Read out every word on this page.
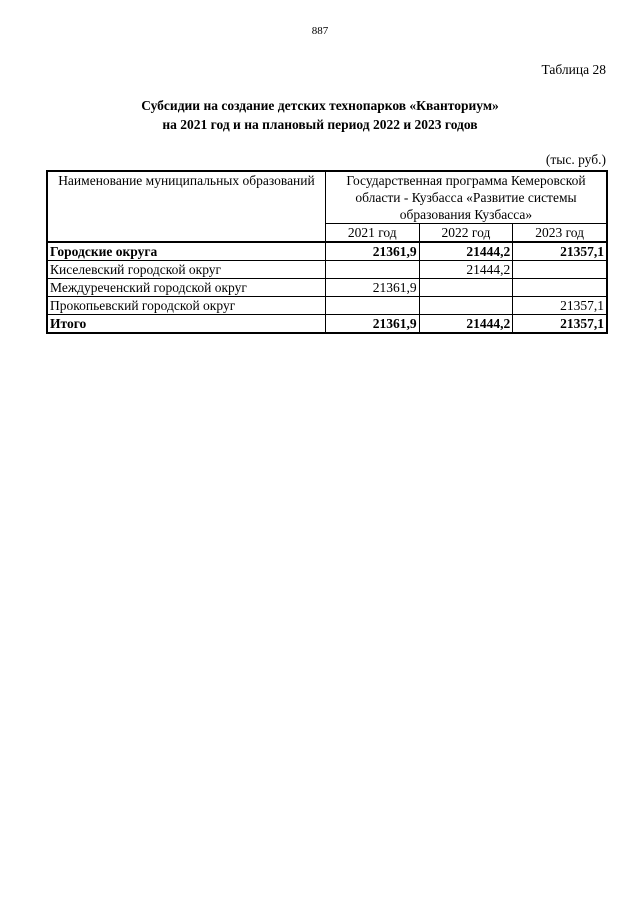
887
Таблица 28
Субсидии на создание детских технопарков «Кванториум»
на 2021 год и на плановый период 2022 и 2023 годов
(тыс. руб.)
Наименование муниципальных образований	Государственная программа Кемеровской области - Кузбасса «Развитие системы образования Кузбасса»		
	2021 год	2022 год	2023 год
Городские округа	21361,9	21444,2	21357,1
Киселевский городской округ		21444,2	
Междуреченский городской округ	21361,9		
Прокопьевский городской округ			21357,1
Итого	21361,9	21444,2	21357,1
